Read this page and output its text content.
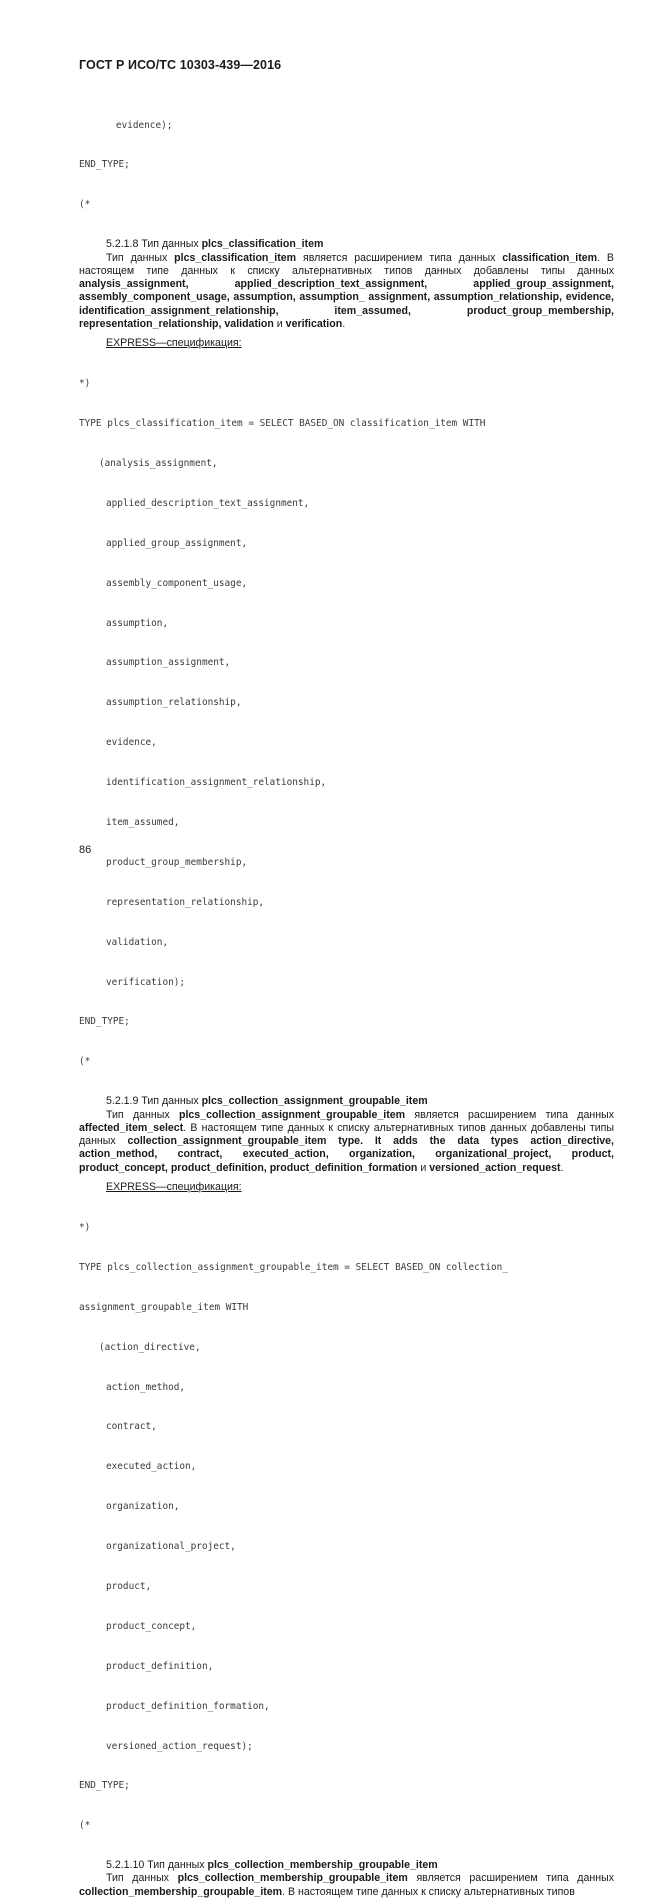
ГОСТ Р ИСО/ТС 10303-439—2016

evidence);

END_TYPE;

(*

5.2.1.8 Тип данных plcs_classification_item

Тип данных plcs_classification_item является расширением типа данных classification_item. В настоящем типе данных к списку альтернативных типов данных добавлены типы данных analysis_assignment, applied_description_text_assignment, applied_group_assignment, assembly_component_usage, assumption, assumption_ assignment, assumption_relationship, evidence, identification_assignment_relationship, item_assumed, product_group_membership, representation_relationship, validation и verification.

EXPRESS—спецификация:

*)

TYPE plcs_classification_item = SELECT BASED_ON classification_item WITH

(analysis_assignment,

applied_description_text_assignment,

applied_group_assignment,

assembly_component_usage,

assumption,

assumption_assignment,

assumption_relationship,

evidence,

identification_assignment_relationship,

item_assumed,

product_group_membership,

representation_relationship,

validation,

verification);

END_TYPE;

(*

5.2.1.9 Тип данных plcs_collection_assignment_groupable_item

Тип данных plcs_collection_assignment_groupable_item является расширением типа данных affected_item_select. В настоящем типе данных к списку альтернативных типов данных добавлены типы данных collection_assignment_groupable_item type. It adds the data types action_directive, action_method, contract, executed_action, organization, organizational_project, product, product_concept, product_definition, product_definition_formation и versioned_action_request.

EXPRESS—спецификация:

*)

TYPE plcs_collection_assignment_groupable_item = SELECT BASED_ON collection_

assignment_groupable_item WITH

(action_directive,

action_method,

contract,

executed_action,

organization,

organizational_project,

product,

product_concept,

product_definition,

product_definition_formation,

versioned_action_request);

END_TYPE;

(*

5.2.1.10 Тип данных plcs_collection_membership_groupable_item

Тип данных plcs_collection_membership_groupable_item является расширением типа данных collection_membership_groupable_item. В настоящем типе данных к списку альтернативных типов

86
